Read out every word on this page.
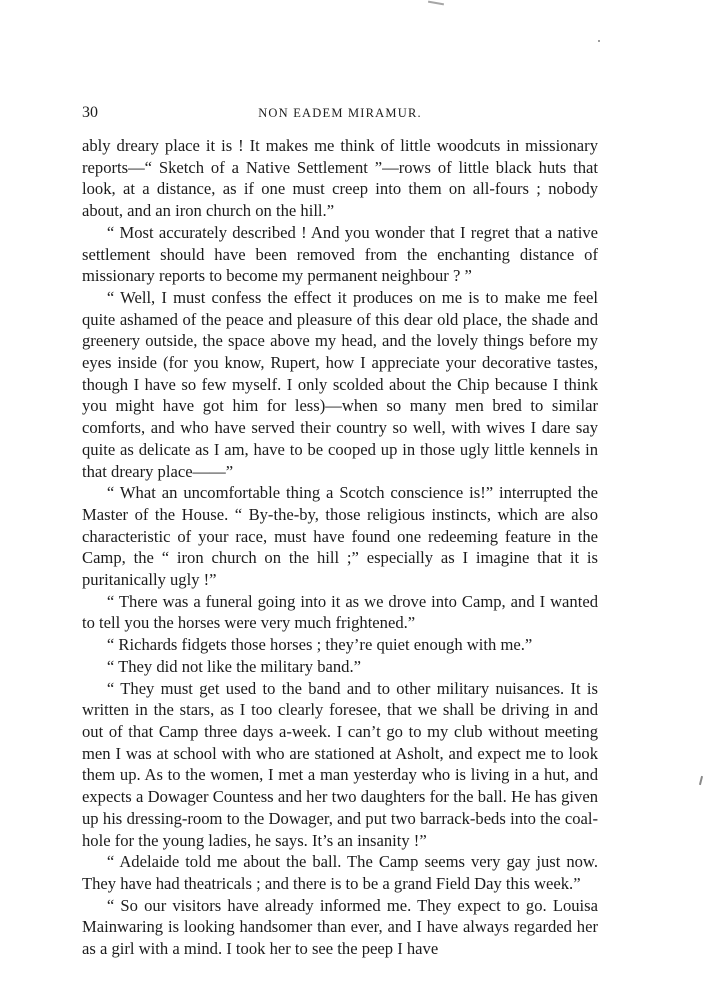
30	NON EADEM MIRAMUR.

ably dreary place it is ! It makes me think of little woodcuts in missionary reports—“ Sketch of a Native Settlement ”—rows of little black huts that look, at a distance, as if one must creep into them on all-fours ; nobody about, and an iron church on the hill.”

“ Most accurately described ! And you wonder that I regret that a native settlement should have been removed from the enchanting distance of missionary reports to become my permanent neighbour ? ”

“ Well, I must confess the effect it produces on me is to make me feel quite ashamed of the peace and pleasure of this dear old place, the shade and greenery outside, the space above my head, and the lovely things before my eyes inside (for you know, Rupert, how I appreciate your decorative tastes, though I have so few myself. I only scolded about the Chip because I think you might have got him for less)—when so many men bred to similar comforts, and who have served their country so well, with wives I dare say quite as delicate as I am, have to be cooped up in those ugly little kennels in that dreary place——”

“ What an uncomfortable thing a Scotch conscience is!” interrupted the Master of the House. “ By-the-by, those religious instincts, which are also characteristic of your race, must have found one redeeming feature in the Camp, the “ iron church on the hill ;” especially as I imagine that it is puritanically ugly !”

“ There was a funeral going into it as we drove into Camp, and I wanted to tell you the horses were very much frightened.”

“ Richards fidgets those horses ; they’re quiet enough with me.”

“ They did not like the military band.”

“ They must get used to the band and to other military nuisances. It is written in the stars, as I too clearly foresee, that we shall be driving in and out of that Camp three days a-week. I can’t go to my club without meeting men I was at school with who are stationed at Asholt, and expect me to look them up. As to the women, I met a man yesterday who is living in a hut, and expects a Dowager Countess and her two daughters for the ball. He has given up his dressing-room to the Dowager, and put two barrack-beds into the coal-hole for the young ladies, he says. It’s an insanity !”

“ Adelaide told me about the ball. The Camp seems very gay just now. They have had theatricals ; and there is to be a grand Field Day this week.”

“ So our visitors have already informed me. They expect to go. Louisa Mainwaring is looking handsomer than ever, and I have always regarded her as a girl with a mind. I took her to see the peep I have
